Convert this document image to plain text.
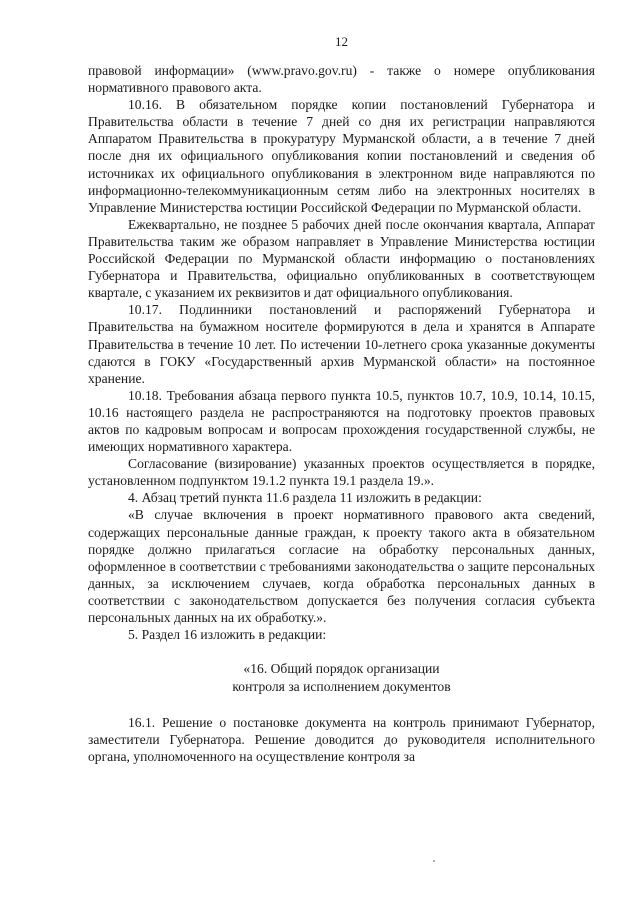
12

правовой информации» (www.pravo.gov.ru) - также о номере опубликования нормативного правового акта.

10.16. В обязательном порядке копии постановлений Губернатора и Правительства области в течение 7 дней со дня их регистрации направляются Аппаратом Правительства в прокуратуру Мурманской области, а в течение 7 дней после дня их официального опубликования копии постановлений и сведения об источниках их официального опубликования в электронном виде направляются по информационно-телекоммуникационным сетям либо на электронных носителях в Управление Министерства юстиции Российской Федерации по Мурманской области.

Ежеквартально, не позднее 5 рабочих дней после окончания квартала, Аппарат Правительства таким же образом направляет в Управление Министерства юстиции Российской Федерации по Мурманской области информацию о постановлениях Губернатора и Правительства, официально опубликованных в соответствующем квартале, с указанием их реквизитов и дат официального опубликования.

10.17. Подлинники постановлений и распоряжений Губернатора и Правительства на бумажном носителе формируются в дела и хранятся в Аппарате Правительства в течение 10 лет. По истечении 10-летнего срока указанные документы сдаются в ГОКУ «Государственный архив Мурманской области» на постоянное хранение.

10.18. Требования абзаца первого пункта 10.5, пунктов 10.7, 10.9, 10.14, 10.15, 10.16 настоящего раздела не распространяются на подготовку проектов правовых актов по кадровым вопросам и вопросам прохождения государственной службы, не имеющих нормативного характера.

Согласование (визирование) указанных проектов осуществляется в порядке, установленном подпунктом 19.1.2 пункта 19.1 раздела 19.».

4. Абзац третий пункта 11.6 раздела 11 изложить в редакции:

«В случае включения в проект нормативного правового акта сведений, содержащих персональные данные граждан, к проекту такого акта в обязательном порядке должно прилагаться согласие на обработку персональных данных, оформленное в соответствии с требованиями законодательства о защите персональных данных, за исключением случаев, когда обработка персональных данных в соответствии с законодательством допускается без получения согласия субъекта персональных данных на их обработку.».

5. Раздел 16 изложить в редакции:

«16. Общий порядок организации
контроля за исполнением документов

16.1. Решение о постановке документа на контроль принимают Губернатор, заместители Губернатора. Решение доводится до руководителя исполнительного органа, уполномоченного на осуществление контроля за
